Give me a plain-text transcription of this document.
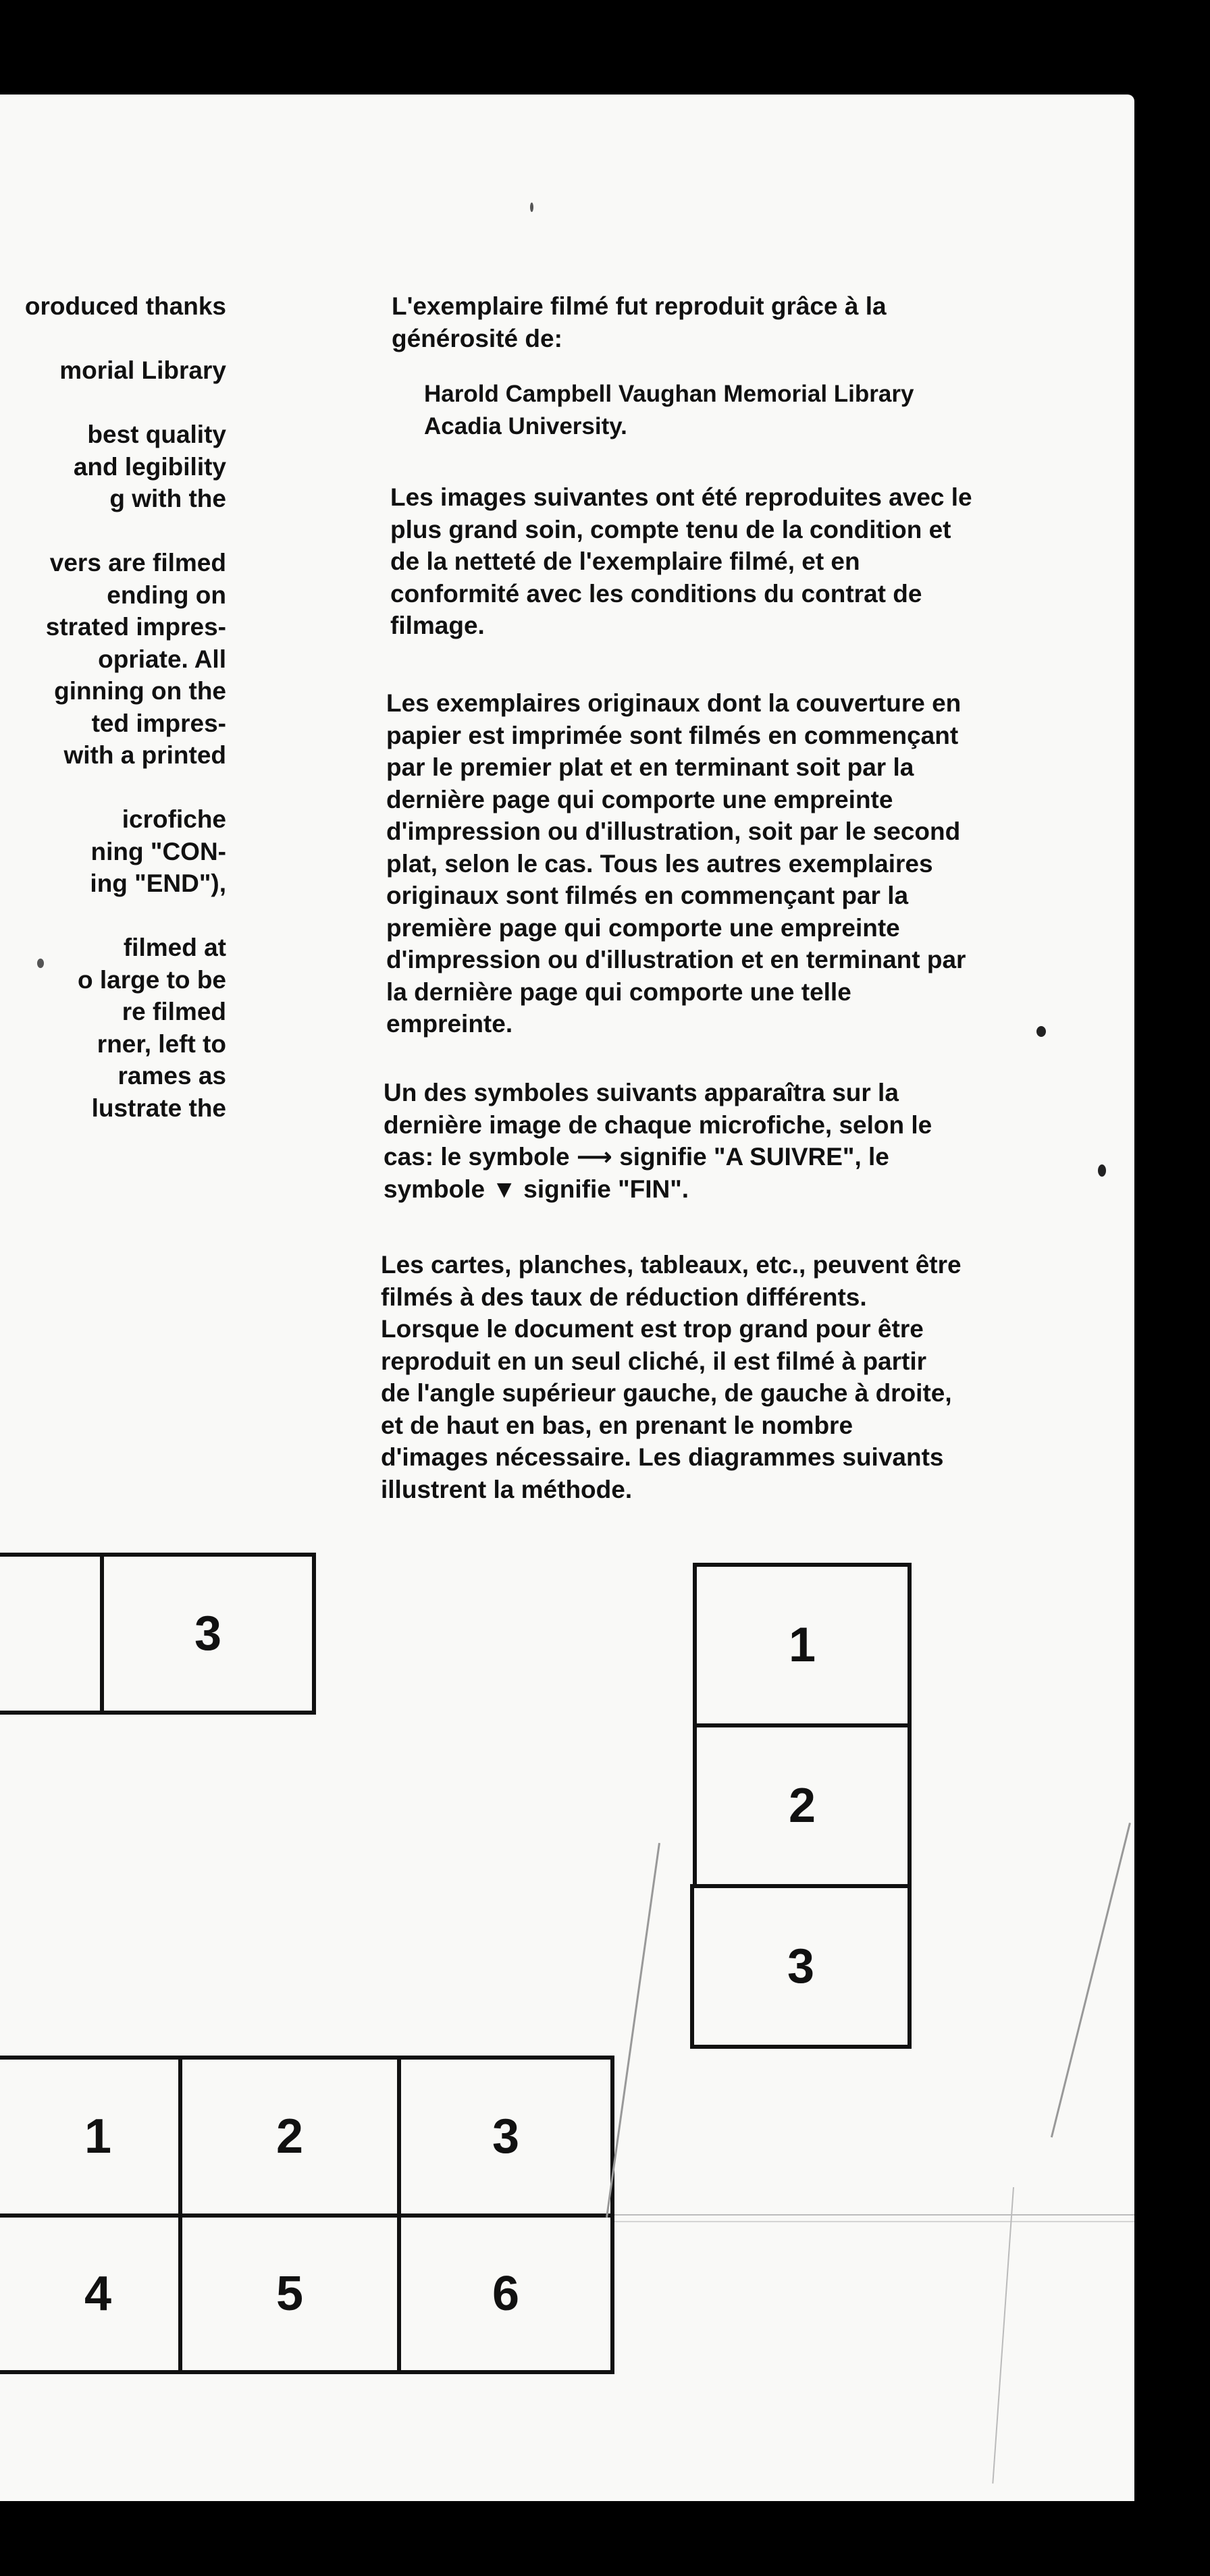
oroduced thanks
morial Library
best quality
and legibility
g with the
vers are filmed
ending on
strated impres-
opriate. All
ginning on the
ted impres-
with a printed
icrofiche
ning "CON-
ing "END"),
filmed at
o large to be
re filmed
rner, left to
rames as
lustrate the
L'exemplaire filmé fut reproduit grâce à la
générosité de:
Harold Campbell Vaughan Memorial Library
Acadia University.
Les images suivantes ont été reproduites avec le
plus grand soin, compte tenu de la condition et
de la netteté de l'exemplaire filmé, et en
conformité avec les conditions du contrat de
filmage.
Les exemplaires originaux dont la couverture en
papier est imprimée sont filmés en commençant
par le premier plat et en terminant soit par la
dernière page qui comporte une empreinte
d'impression ou d'illustration, soit par le second
plat, selon le cas. Tous les autres exemplaires
originaux sont filmés en commençant par la
première page qui comporte une empreinte
d'impression ou d'illustration et en terminant par
la dernière page qui comporte une telle
empreinte.
Un des symboles suivants apparaîtra sur la
dernière image de chaque microfiche, selon le
cas: le symbole ⟶ signifie "A SUIVRE", le
symbole ▼ signifie "FIN".
Les cartes, planches, tableaux, etc., peuvent être
filmés à des taux de réduction différents.
Lorsque le document est trop grand pour être
reproduit en un seul cliché, il est filmé à partir
de l'angle supérieur gauche, de gauche à droite,
et de haut en bas, en prenant le nombre
d'images nécessaire. Les diagrammes suivants
illustrent la méthode.
3	1
2
3
1	2	3
4	5	6
